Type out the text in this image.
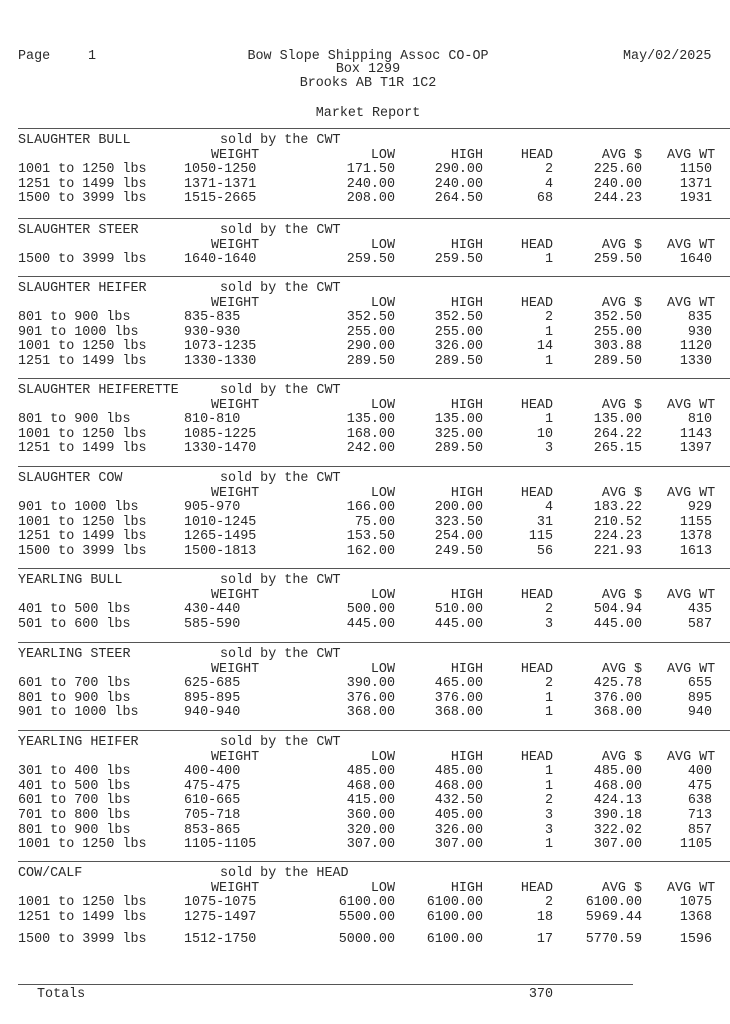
Page	1	Bow Slope Shipping Assoc CO-OP
Box 1299
Brooks AB T1R 1C2
May/02/2025
Market Report
SLAUGHTER BULL	sold by the CWT
WEIGHT	LOW	HIGH	HEAD	AVG $ AVG WT
1001 to 1250 lbs	1050-1250	171.50	290.00	2	225.60	1150
1251 to 1499 lbs	1371-1371	240.00	240.00	4	240.00	1371
1500 to 3999 lbs	1515-2665	208.00	264.50	68	244.23	1931
SLAUGHTER STEER	sold by the CWT
WEIGHT	LOW	HIGH	HEAD	AVG $ AVG WT
1500 to 3999 lbs	1640-1640	259.50	259.50	1	259.50	1640
SLAUGHTER HEIFER	sold by the CWT
WEIGHT	LOW	HIGH	HEAD	AVG $ AVG WT
801 to 900 lbs	835-835	352.50	352.50	2	352.50	835
901 to 1000 lbs	930-930	255.00	255.00	1	255.00	930
1001 to 1250 lbs	1073-1235	290.00	326.00	14	303.88	1120
1251 to 1499 lbs	1330-1330	289.50	289.50	1	289.50	1330
SLAUGHTER HEIFERETTE	sold by the CWT
WEIGHT	LOW	HIGH	HEAD	AVG $ AVG WT
801 to 900 lbs	810-810	135.00	135.00	1	135.00	810
1001 to 1250 lbs	1085-1225	168.00	325.00	10	264.22	1143
1251 to 1499 lbs	1330-1470	242.00	289.50	3	265.15	1397
SLAUGHTER COW	sold by the CWT
WEIGHT	LOW	HIGH	HEAD	AVG $ AVG WT
901 to 1000 lbs	905-970	166.00	200.00	4	183.22	929
1001 to 1250 lbs	1010-1245	75.00	323.50	31	210.52	1155
1251 to 1499 lbs	1265-1495	153.50	254.00	115	224.23	1378
1500 to 3999 lbs	1500-1813	162.00	249.50	56	221.93	1613
YEARLING BULL	sold by the CWT
WEIGHT	LOW	HIGH	HEAD	AVG $ AVG WT
401 to 500 lbs	430-440	500.00	510.00	2	504.94	435
501 to 600 lbs	585-590	445.00	445.00	3	445.00	587
YEARLING STEER	sold by the CWT
WEIGHT	LOW	HIGH	HEAD	AVG $ AVG WT
601 to 700 lbs	625-685	390.00	465.00	2	425.78	655
801 to 900 lbs	895-895	376.00	376.00	1	376.00	895
901 to 1000 lbs	940-940	368.00	368.00	1	368.00	940
YEARLING HEIFER	sold by the CWT
WEIGHT	LOW	HIGH	HEAD	AVG $ AVG WT
301 to 400 lbs	400-400	485.00	485.00	1	485.00	400
401 to 500 lbs	475-475	468.00	468.00	1	468.00	475
601 to 700 lbs	610-665	415.00	432.50	2	424.13	638
701 to 800 lbs	705-718	360.00	405.00	3	390.18	713
801 to 900 lbs	853-865	320.00	326.00	3	322.02	857
1001 to 1250 lbs	1105-1105	307.00	307.00	1	307.00	1105
COW/CALF	sold by the HEAD
WEIGHT	LOW	HIGH	HEAD	AVG $ AVG WT
1001 to 1250 lbs	1075-1075	6100.00	6100.00	2	6100.00	1075
1251 to 1499 lbs	1275-1497	5500.00	6100.00	18	5969.44	1368
1500 to 3999 lbs	1512-1750	5000.00	6100.00	17	5770.59	1596
Totals	370
